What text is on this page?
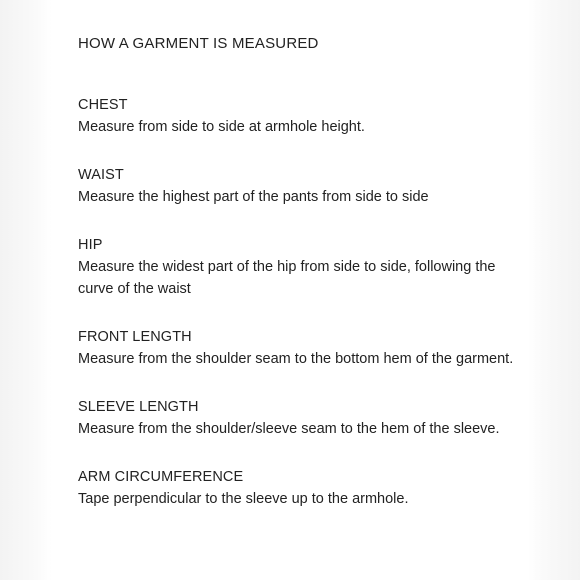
HOW A GARMENT IS MEASURED

CHEST

Measure from side to side at armhole height.

WAIST

Measure the highest part of the pants from side to side

HIP

Measure the widest part of the hip from side to side, following the curve of the waist

FRONT LENGTH

Measure from the shoulder seam to the bottom hem of the garment.

SLEEVE LENGTH

Measure from the shoulder/sleeve seam to the hem of the sleeve.

ARM CIRCUMFERENCE

Tape perpendicular to the sleeve up to the armhole.
